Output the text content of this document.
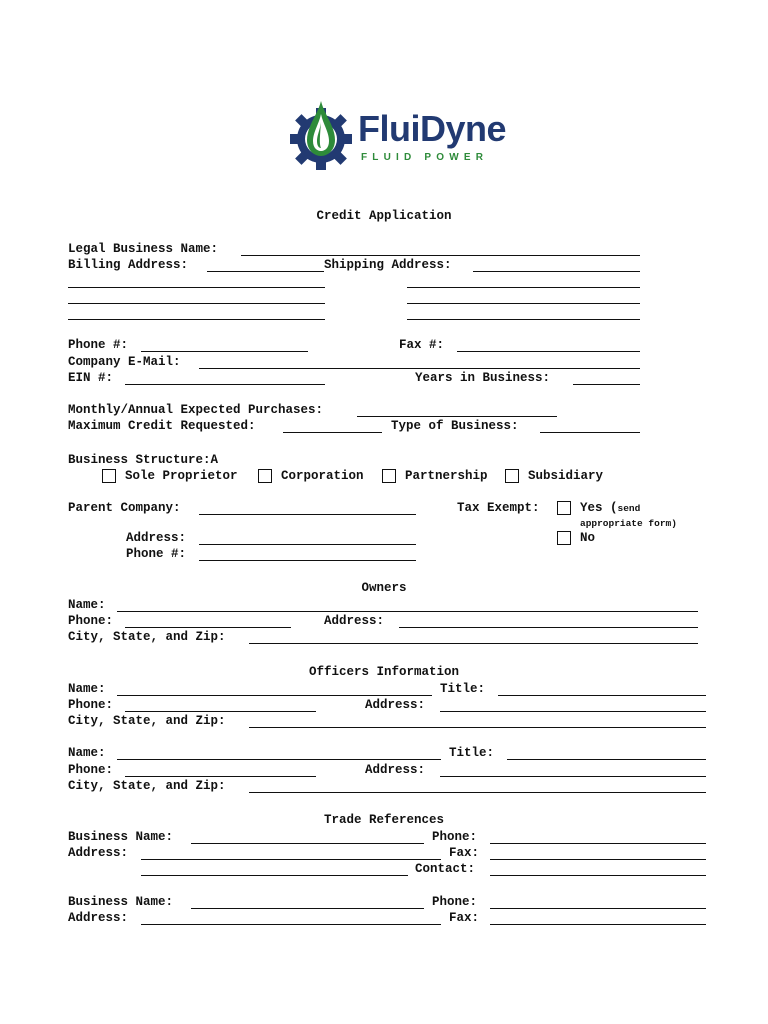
FluiDyne
FLUID POWER
Credit Application
Legal Business Name:
Billing Address:	Shipping Address:
Phone #:	Fax #:
Company E-Mail:
EIN #:	Years in Business:
Monthly/Annual Expected Purchases:
Maximum Credit Requested:	Type of Business:
Business Structure:A
Sole Proprietor	Corporation	Partnership	Subsidiary
Parent Company:	Tax Exempt:	Yes (send
appropriate form)
Address:	No
Phone #:
Owners
Name:
Phone:	Address:
City, State, and Zip:
Officers Information
Name:	Title:
Phone:	Address:
City, State, and Zip:
Name:	Title:
Phone:	Address:
City, State, and Zip:
Trade References
Business Name:	Phone:
Address:	Fax:
Contact:
Business Name:	Phone:
Address:	Fax:
